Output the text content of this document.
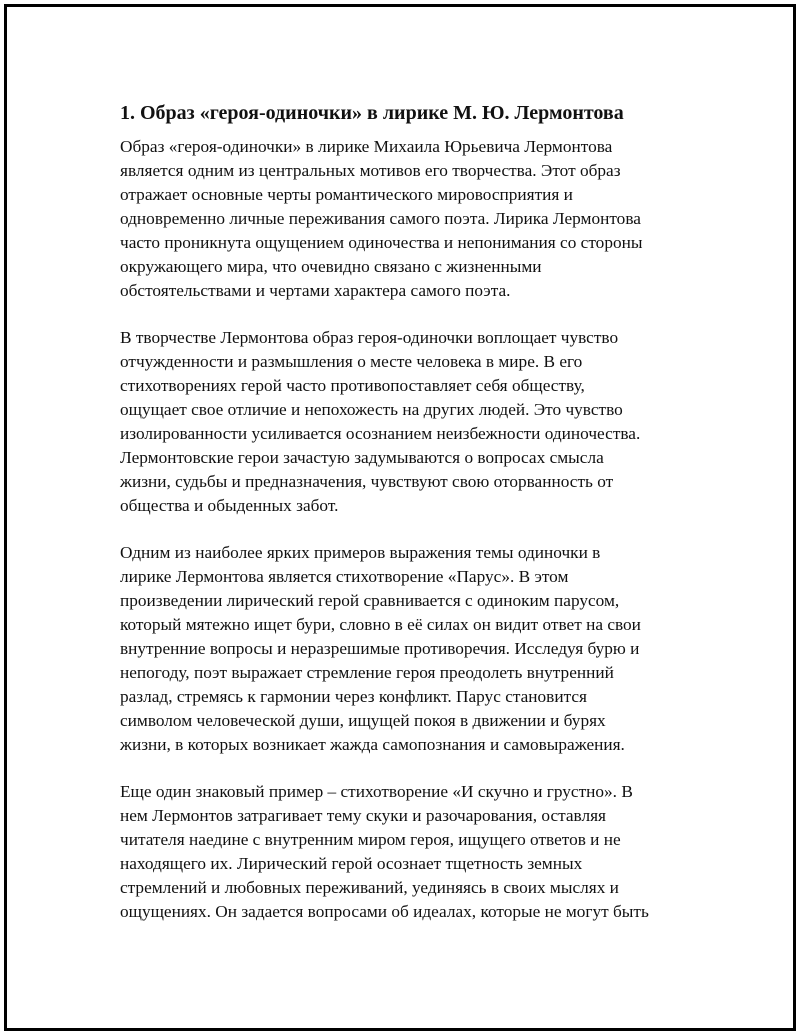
1. Образ «героя-одиночки» в лирике М. Ю. Лермонтова
Образ «героя-одиночки» в лирике Михаила Юрьевича Лермонтова
является одним из центральных мотивов его творчества. Этот образ
отражает основные черты романтического мировосприятия и
одновременно личные переживания самого поэта. Лирика Лермонтова
часто проникнута ощущением одиночества и непонимания со стороны
окружающего мира, что очевидно связано с жизненными
обстоятельствами и чертами характера самого поэта.
В творчестве Лермонтова образ героя-одиночки воплощает чувство
отчужденности и размышления о месте человека в мире. В его
стихотворениях герой часто противопоставляет себя обществу,
ощущает свое отличие и непохожесть на других людей. Это чувство
изолированности усиливается осознанием неизбежности одиночества.
Лермонтовские герои зачастую задумываются о вопросах смысла
жизни, судьбы и предназначения, чувствуют свою оторванность от
общества и обыденных забот.
Одним из наиболее ярких примеров выражения темы одиночки в
лирике Лермонтова является стихотворение «Парус». В этом
произведении лирический герой сравнивается с одиноким парусом,
который мятежно ищет бури, словно в её силах он видит ответ на свои
внутренние вопросы и неразрешимые противоречия. Исследуя бурю и
непогоду, поэт выражает стремление героя преодолеть внутренний
разлад, стремясь к гармонии через конфликт. Парус становится
символом человеческой души, ищущей покоя в движении и бурях
жизни, в которых возникает жажда самопознания и самовыражения.
Еще один знаковый пример – стихотворение «И скучно и грустно». В
нем Лермонтов затрагивает тему скуки и разочарования, оставляя
читателя наедине с внутренним миром героя, ищущего ответов и не
находящего их. Лирический герой осознает тщетность земных
стремлений и любовных переживаний, уединяясь в своих мыслях и
ощущениях. Он задается вопросами об идеалах, которые не могут быть
